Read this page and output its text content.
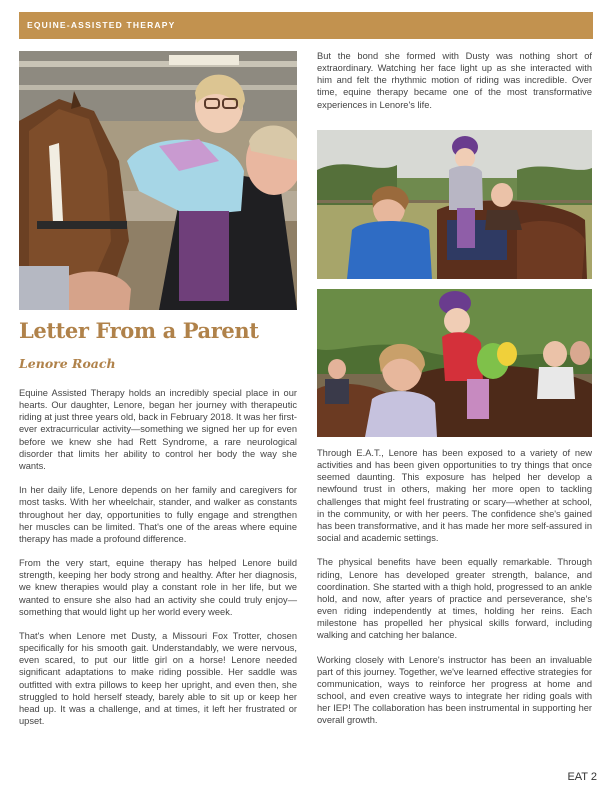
EQUINE-ASSISTED THERAPY
Letter From a Parent
Lenore Roach

Equine Assisted Therapy holds an incredibly special place in our hearts. Our daughter, Lenore, began her journey with therapeutic riding at just three years old, back in February 2018. It was her first-ever extracurricular activity—something we signed her up for even before we knew she had Rett Syndrome, a rare neurological disorder that limits her ability to control her body the way she wants.

In her daily life, Lenore depends on her family and caregivers for most tasks. With her wheelchair, stander, and walker as constants throughout her day, opportunities to fully engage and strengthen her muscles can be limited. That's one of the areas where equine therapy has made a profound difference.

From the very start, equine therapy has helped Lenore build strength, keeping her body strong and healthy. After her diagnosis, we knew therapies would play a constant role in her life, but we wanted to ensure she also had an activity she could truly enjoy—something that would light up her world every week.

That's when Lenore met Dusty, a Missouri Fox Trotter, chosen specifically for his smooth gait. Understandably, we were nervous, even scared, to put our little girl on a horse! Lenore needed significant adaptations to make riding possible. Her saddle was outfitted with extra pillows to keep her upright, and even then, she struggled to hold herself steady, barely able to sit up or keep her head up. It was a challenge, and at times, it left her frustrated or upset.

But the bond she formed with Dusty was nothing short of extraordinary. Watching her face light up as she interacted with him and felt the rhythmic motion of riding was incredible. Over time, equine therapy became one of the most transformative experiences in Lenore's life.

Through E.A.T., Lenore has been exposed to a variety of new activities and has been given opportunities to try things that once seemed daunting. This exposure has helped her develop a newfound trust in others, making her more open to tackling challenges that might feel frustrating or scary—whether at school, in the community, or with her peers. The confidence she's gained has been transformative, and it has made her more self-assured in social and academic settings.

The physical benefits have been equally remarkable. Through riding, Lenore has developed greater strength, balance, and coordination. She started with a thigh hold, progressed to an ankle hold, and now, after years of practice and perseverance, she's even riding independently at times, holding her reins. Each milestone has propelled her physical skills forward, including walking and catching her balance.

Working closely with Lenore's instructor has been an invaluable part of this journey. Together, we've learned effective strategies for communication, ways to reinforce her progress at home and school, and even creative ways to integrate her riding goals with her IEP! The collaboration has been instrumental in supporting her overall growth.

EAT 2
